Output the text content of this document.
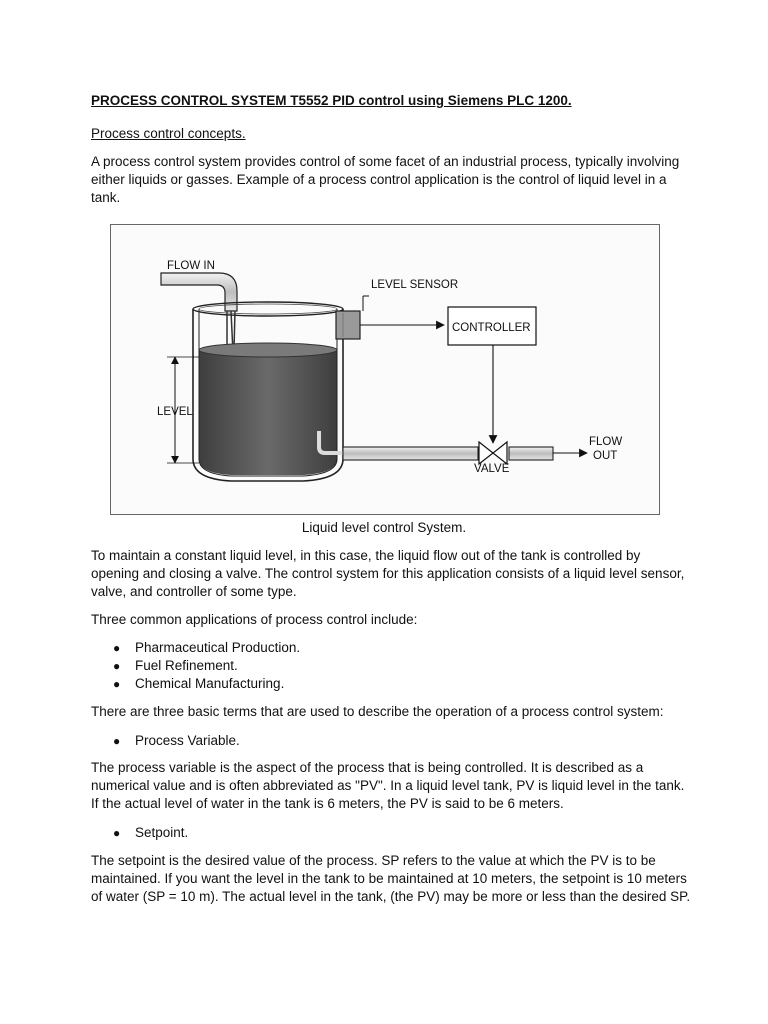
PROCESS CONTROL SYSTEM T5552 PID control using Siemens PLC 1200.
Process control concepts.

A process control system provides control of some facet of an industrial process, typically involving either liquids or gasses. Example of a process control application is the control of liquid level in a tank.

FLOW IN
LEVEL SENSOR
CONTROLLER
LEVEL
VALVE
FLOW
OUT
Liquid level control System.

To maintain a constant liquid level, in this case, the liquid flow out of the tank is controlled by opening and closing a valve. The control system for this application consists of a liquid level sensor, valve, and controller of some type.

Three common applications of process control include:

● Pharmaceutical Production.
● Fuel Refinement.
● Chemical Manufacturing.

There are three basic terms that are used to describe the operation of a process control system:

● Process Variable.

The process variable is the aspect of the process that is being controlled. It is described as a numerical value and is often abbreviated as "PV". In a liquid level tank, PV is liquid level in the tank. If the actual level of water in the tank is 6 meters, the PV is said to be 6 meters.

● Setpoint.

The setpoint is the desired value of the process. SP refers to the value at which the PV is to be maintained. If you want the level in the tank to be maintained at 10 meters, the setpoint is 10 meters of water (SP = 10 m). The actual level in the tank, (the PV) may be more or less than the desired SP.
